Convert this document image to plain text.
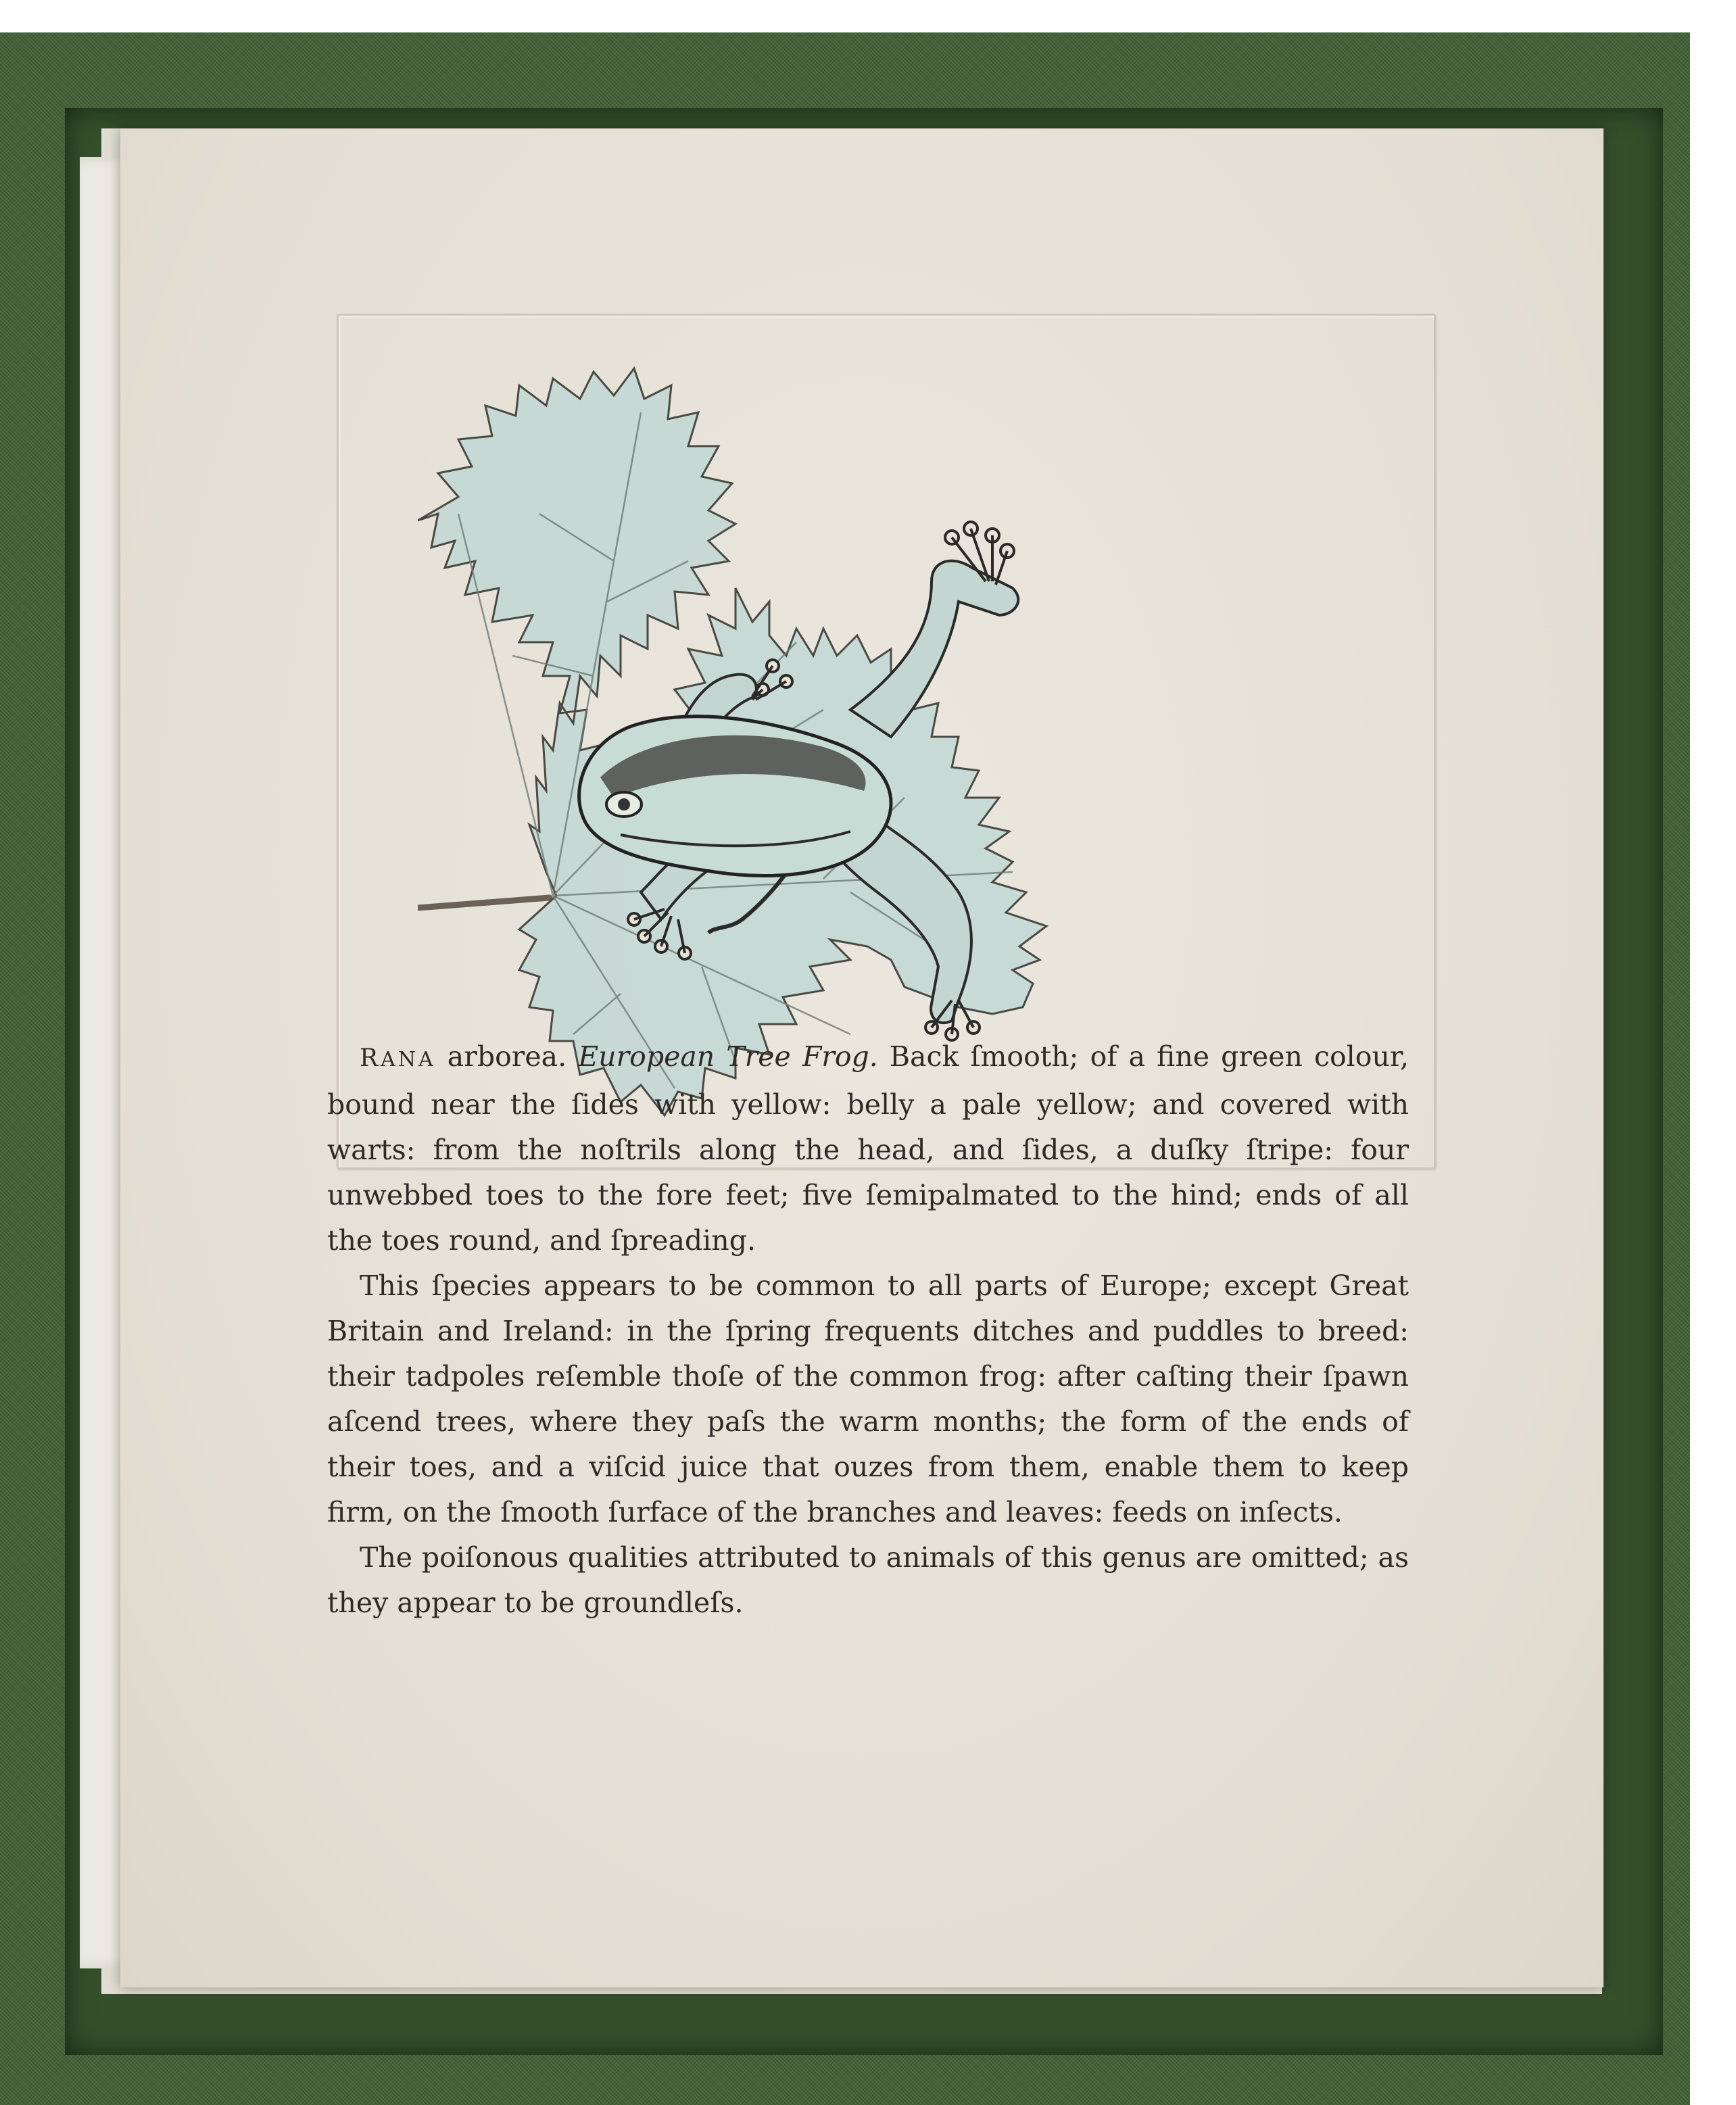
RANA arborea. European Tree Frog. Back ſmooth; of a fine green colour, bound near the ſides with yellow: belly a pale yellow; and covered with warts: from the noſtrils along the head, and ſides, a duſky ſtripe: four unwebbed toes to the fore feet; five ſemipalmated to the hind; ends of all the toes round, and ſpreading.

This ſpecies appears to be common to all parts of Europe; except Great Britain and Ireland: in the ſpring frequents ditches and puddles to breed: their tadpoles reſemble thoſe of the common frog: after caſting their ſpawn aſcend trees, where they paſs the warm months; the form of the ends of their toes, and a viſcid juice that ouzes from them, enable them to keep firm, on the ſmooth ſurface of the branches and leaves: feeds on inſects.

The poiſonous qualities attributed to animals of this genus are omitted; as they appear to be groundleſs.
